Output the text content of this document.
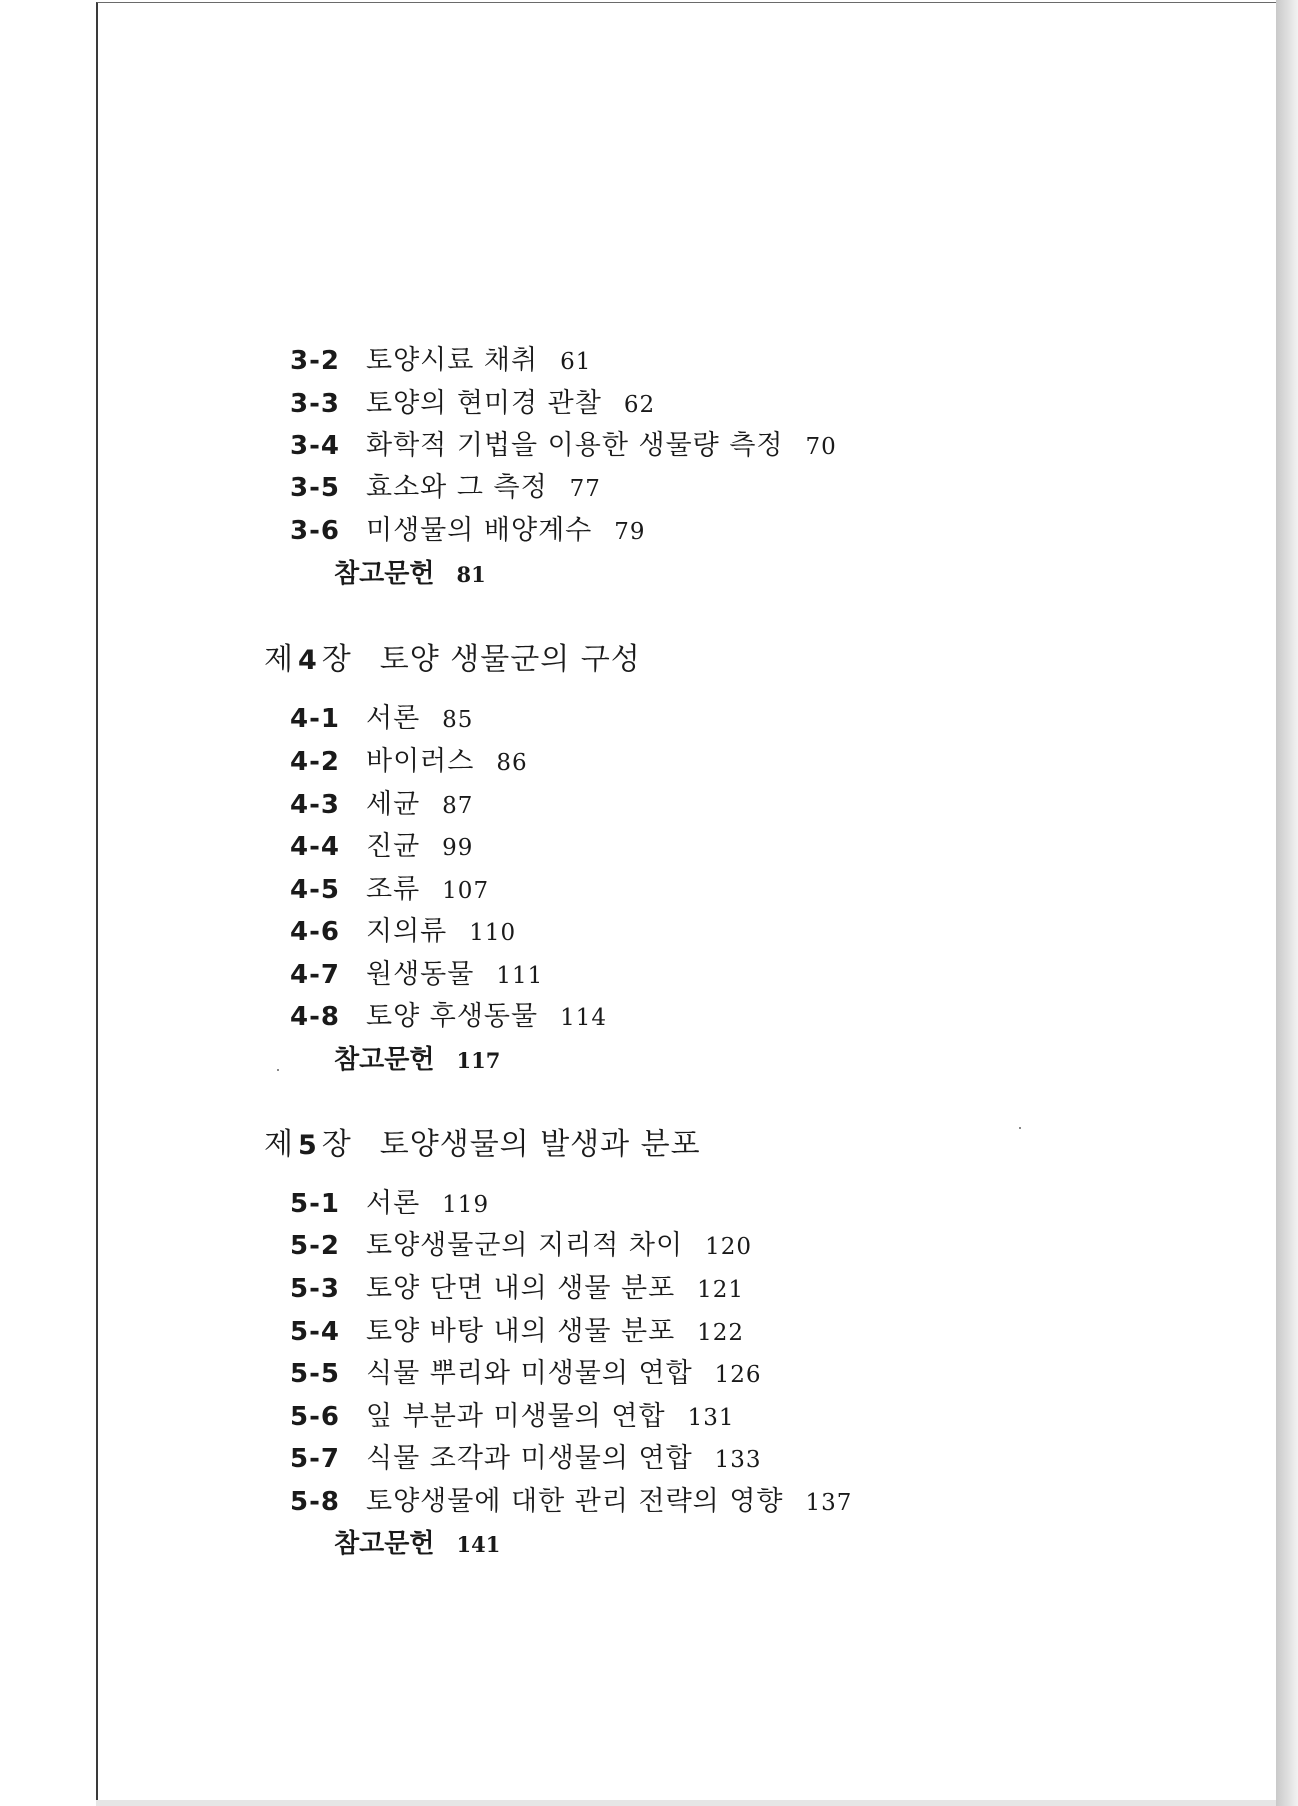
3-2 토양시료 채취 61
3-3 토양의 현미경 관찰 62
3-4 화학적 기법을 이용한 생물량 측정 70
3-5 효소와 그 측정 77
3-6 미생물의 배양계수 79
참고문헌 81
제 4 장 토양 생물군의 구성
4-1 서론 85
4-2 바이러스 86
4-3 세균 87
4-4 진균 99
4-5 조류 107
4-6 지의류 110
4-7 원생동물 111
4-8 토양 후생동물 114
참고문헌 117
제 5 장 토양생물의 발생과 분포
5-1 서론 119
5-2 토양생물군의 지리적 차이 120
5-3 토양 단면 내의 생물 분포 121
5-4 토양 바탕 내의 생물 분포 122
5-5 식물 뿌리와 미생물의 연합 126
5-6 잎 부분과 미생물의 연합 131
5-7 식물 조각과 미생물의 연합 133
5-8 토양생물에 대한 관리 전략의 영향 137
참고문헌 141
